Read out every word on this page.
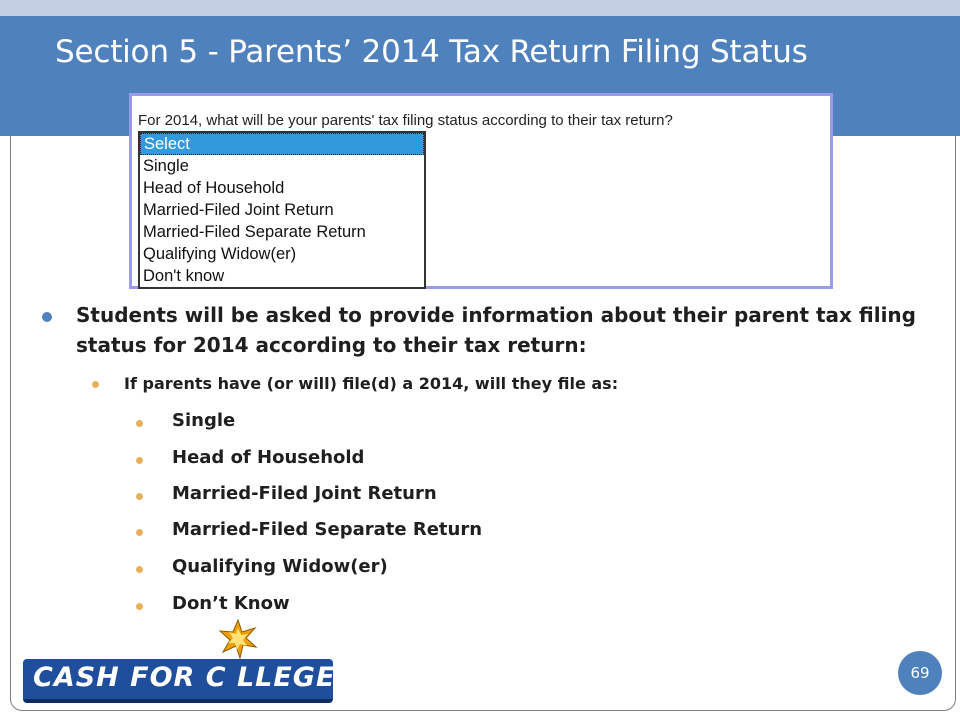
Section 5 - Parents’ 2014 Tax Return Filing Status
For 2014, what will be your parents' tax filing status according to their tax return?
Select
Single
Head of Household
Married-Filed Joint Return
Married-Filed Separate Return
Qualifying Widow(er)
Don't know
Students will be asked to provide information about their parent tax filing status for 2014 according to their tax return:
If parents have (or will) file(d) a 2014, will they file as:
Single
Head of Household
Married-Filed Joint Return
Married-Filed Separate Return
Qualifying Widow(er)
Don’t Know
CASH FOR C LLEGE	69
